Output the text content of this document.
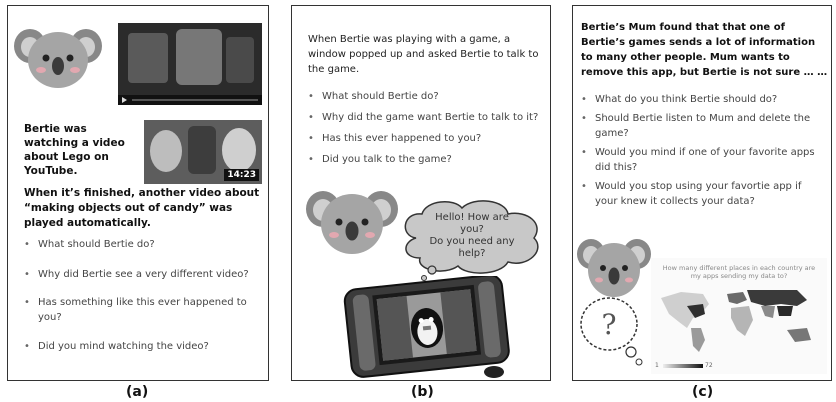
Bertie was watching a video about Lego on YouTube.	14:23
When it’s finished, another video about “making objects out of candy” was played automatically.
• What should Bertie do?
• Why did Bertie see a very different video?
• Has something like this ever happened to you?
• Did you mind watching the video?
(a)
When Bertie was playing with a game, a window popped up and asked Bertie to talk to the game.
• What should Bertie do?
• Why did the game want Bertie to talk to it?
• Has this ever happened to you?
• Did you talk to the game?
Hello! How are
you?
Do you need any
help?
(b)
Bertie’s Mum found that that one of Bertie’s games sends a lot of information to many other people. Mum wants to remove this app, but Bertie is not sure … …
• What do you think Bertie should do?
• Should Bertie listen to Mum and delete the game?
• Would you mind if one of your favorite apps did this?
• Would you stop using your favortie app if your knew it collects your data?
?
How many different places in each country are my apps sending my data to?
1	72
(c)
